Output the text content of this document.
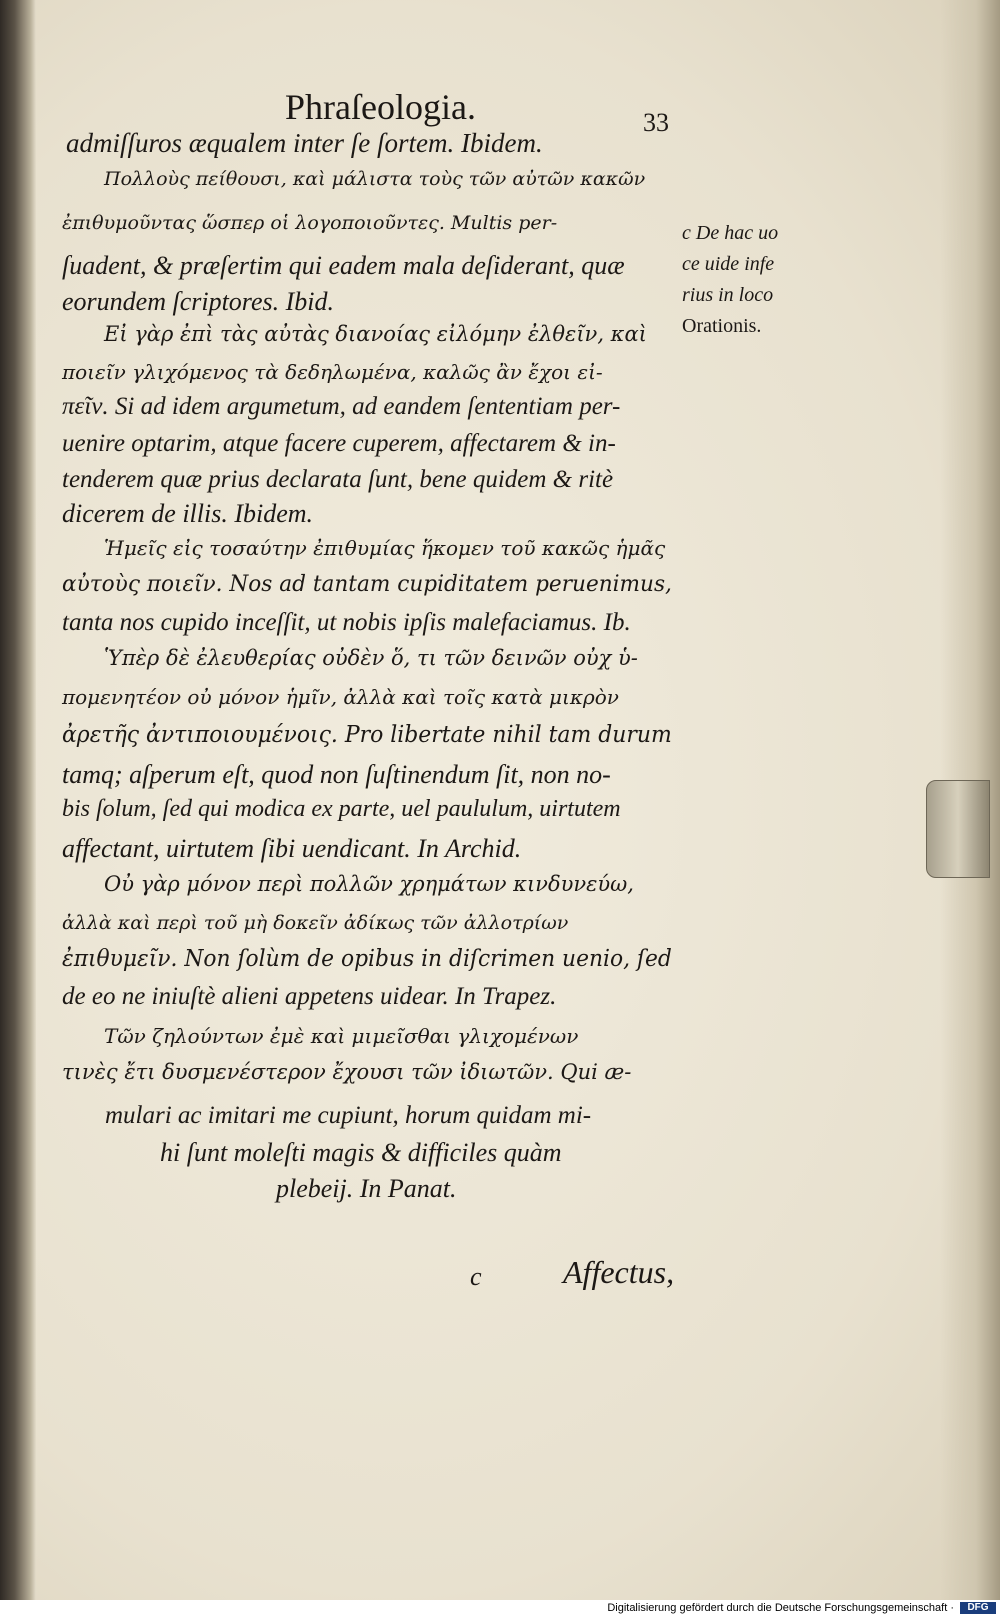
Phraſeologia.	33
admiſſuros æqualem inter ſe ſortem. Ibidem.
Πολλοὺς πείθουσι, καὶ μάλιστα τοὺς τῶν αὐτῶν κακῶν
ἐπιθυμοῦντας ὥσπερ οἱ λογοποιοῦντες. Multis per-
ſuadent, & præſertim qui eadem mala deſiderant, quæ
eorundem ſcriptores. Ibid.
Εἰ γὰρ ἐπὶ τὰς αὐτὰς διανοίας εἰλόμην ἐλθεῖν, καὶ
ποιεῖν γλιχόμενος τὰ δεδηλωμένα, καλῶς ἂν ἔχοι εἰ-
πεῖν. Si ad idem argumetum, ad eandem ſententiam per-
uenire optarim, atque facere cuperem, affectarem & in-
tenderem quæ prius declarata ſunt, bene quidem & ritè
dicerem de illis. Ibidem.
Ἡμεῖς εἰς τοσαύτην ἐπιθυμίας ἥκομεν τοῦ κακῶς ἡμᾶς
αὐτοὺς ποιεῖν. Nos ad tantam cupiditatem peruenimus,
tanta nos cupido inceſſit, ut nobis ipſis malefaciamus. Ib.
Ὑπὲρ δὲ ἐλευθερίας οὐδὲν ὅ, τι τῶν δεινῶν οὐχ ὑ-
πομενητέον οὐ μόνον ἡμῖν, ἀλλὰ καὶ τοῖς κατὰ μικρὸν
ἀρετῆς ἀντιποιουμένοις. Pro libertate nihil tam durum
tamq; aſperum eſt, quod non ſuſtinendum ſit, non no-
bis ſolum, ſed qui modica ex parte, uel paululum, uirtutem
affectant, uirtutem ſibi uendicant. In Archid.
Οὐ γὰρ μόνον περὶ πολλῶν χρημάτων κινδυνεύω,
ἀλλὰ καὶ περὶ τοῦ μὴ δοκεῖν ἀδίκως τῶν ἀλλοτρίων
ἐπιθυμεῖν. Non ſolùm de opibus in diſcrimen uenio, ſed
de eo ne iniuſtè alieni appetens uidear. In Trapez.
Τῶν ζηλούντων ἐμὲ καὶ μιμεῖσθαι γλιχομένων
τινὲς ἔτι δυσμενέστερον ἔχουσι τῶν ἰδιωτῶν. Qui æ-
mulari ac imitari me cupiunt, horum quidam mi-
hi ſunt moleſti magis & difficiles quàm
plebeij. In Panat.
c De hac uo
ce uide infe
rius in loco
Orationis.
c	Affectus,
Digitalisierung gefördert durch die Deutsche Forschungsgemeinschaft ·	DFG
